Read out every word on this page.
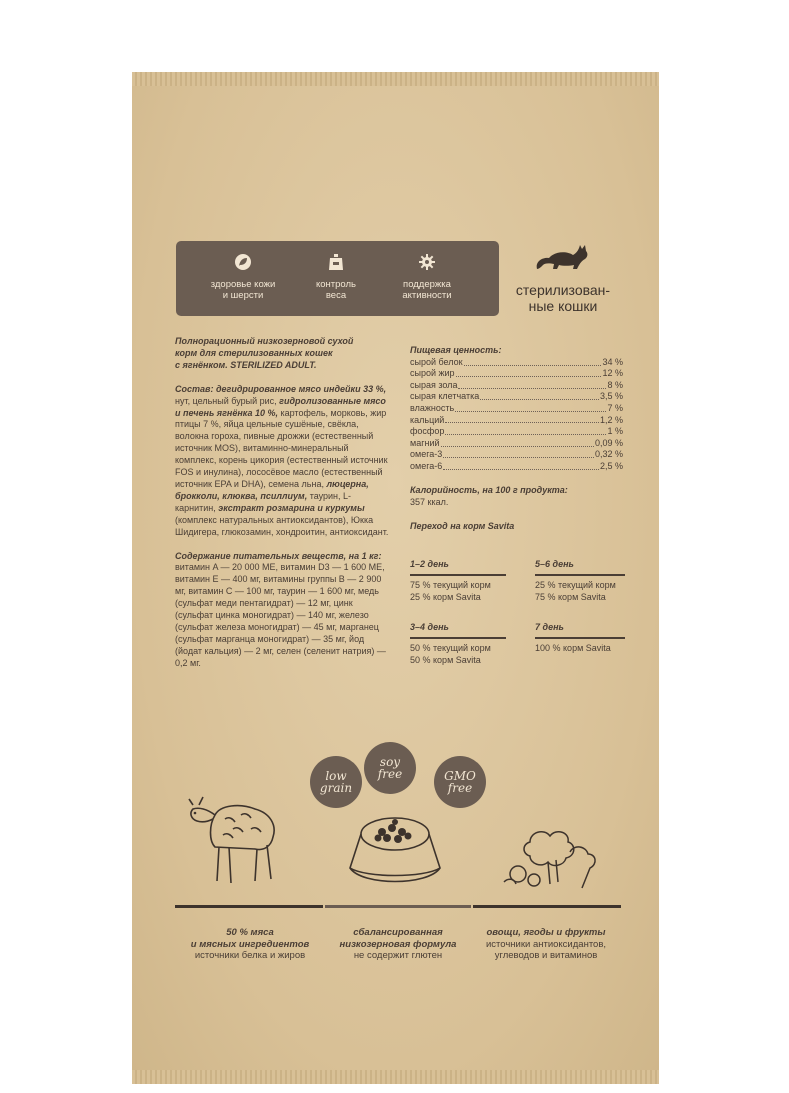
здоровье кожи
и шерсти
контроль
веса
поддержка
активности	стерилизован-
ные кошки

Полнорационный низкозерновой сухой
корм для стерилизованных кошек
с ягнёнком. STERILIZED ADULT.

Состав: дегидрированное мясо индейки 33 %, нут, цельный бурый рис, гидролизованные мясо и печень ягнёнка 10 %, картофель, морковь, жир птицы 7 %, яйца цельные сушёные, свёкла, волокна гороха, пивные дрожжи (естественный источник MOS), витаминно-минеральный комплекс, корень цикория (естественный источник FOS и инулина), лососёвое масло (естественный источник EPA и DHA), семена льна, люцерна, брокколи, клюква, псиллиум, таурин, L-карнитин, экстракт розмарина и куркумы (комплекс натуральных антиоксидантов), Юкка Шидигера, глюкозамин, хондроитин, антиоксидант.

Содержание питательных веществ, на 1 кг: витамин A — 20 000 МЕ, витамин D3 — 1 600 МЕ, витамин E — 400 мг, витамины группы B — 2 900 мг, витамин C — 100 мг, таурин — 1 600 мг, медь (сульфат меди пентагидрат) — 12 мг, цинк (сульфат цинка моногидрат) — 140 мг, железо (сульфат железа моногидрат) — 45 мг, марганец (сульфат марганца моногидрат) — 35 мг, йод (йодат кальция) — 2 мг, селен (селенит натрия) — 0,2 мг.

Пищевая ценность:

сырой белок	34 %
сырой жир	12 %
сырая зола	8 %
сырая клетчатка	3,5 %
влажность	7 %
кальций	1,2 %
фосфор	1 %
магний	0,09 %
омега-3	0,32 %
омега-6	2,5 %

Калорийность, на 100 г продукта:

357 ккал.

Переход на корм Savita

1–2 день

75 % текущий корм

25 % корм Savita

5–6 день

25 % текущий корм

75 % корм Savita

3–4 день

50 % текущий корм

50 % корм Savita

7 день

100 % корм Savita

low
grain
soy
free	GMO
free
50 % мяса
и мясных ингредиентов
источники белка и жиров
сбалансированная
низкозерновая формула
не содержит глютен
овощи, ягоды и фрукты
источники антиоксидантов,
углеводов и витаминов
